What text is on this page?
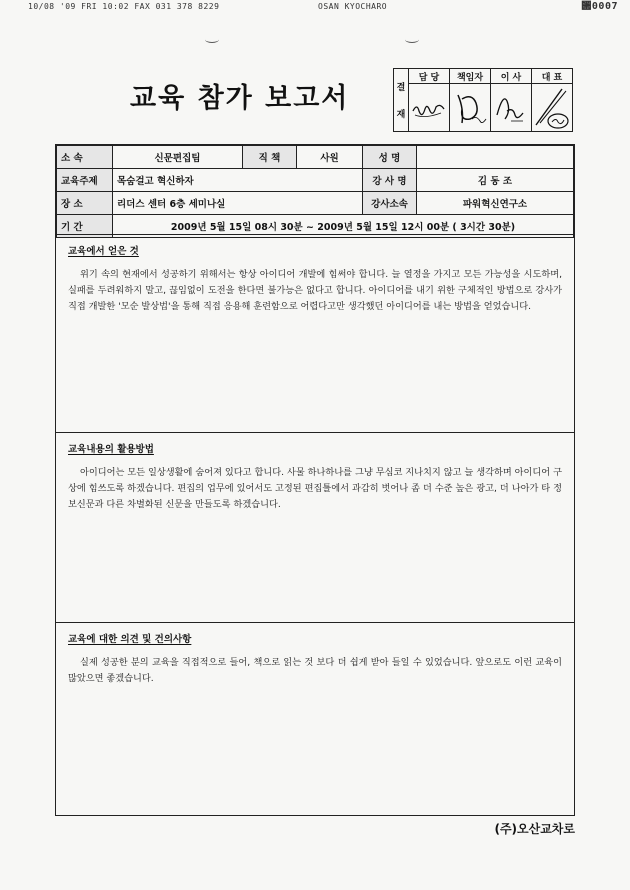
10/08 '09 FRI 10:02 FAX 031 378 8229	OSAN KYOCHARO	⑒0007
교육 참가 보고서	결
재	담 당	책임자	이 사	대 표

소 속	신문편집팀	직 책	사원	성 명	
교육주제	목숨걸고 혁신하자			강 사 명	김 동 조
장 소	리더스 센터 6층 세미나실			강사소속	파워혁신연구소
기 간	2009년 5월 15일 08시 30분 ~ 2009년 5월 15일 12시 00분 ( 3시간 30분)				
교육에서 얻은 것

위기 속의 현재에서 성공하기 위해서는 항상 아이디어 개발에 힘써야 합니다. 늘 열정을 가지고 모든 가능성을 시도하며, 실패를 두려워하지 말고, 끊임없이 도전을 한다면 불가능은 없다고 합니다. 아이디어를 내기 위한 구체적인 방법으로 강사가 직접 개발한 '모순 발상법'을 통해 직접 응용해 훈련함으로 어렵다고만 생각했던 아이디어를 내는 방법을 얻었습니다.

교육내용의 활용방법

아이디어는 모든 일상생활에 숨어져 있다고 합니다. 사물 하나하나를 그냥 무심코 지나치지 않고 늘 생각하며 아이디어 구상에 힘쓰도록 하겠습니다. 편집의 업무에 있어서도 고정된 편집틀에서 과감히 벗어나 좀 더 수준 높은 광고, 더 나아가 타 정보신문과 다른 차별화된 신문을 만들도록 하겠습니다.

교육에 대한 의견 및 건의사항

실제 성공한 분의 교육을 직접적으로 들어, 책으로 읽는 것 보다 더 쉽게 받아 들일 수 있었습니다. 앞으로도 이런 교육이 많았으면 좋겠습니다.

(주)오산교차로
